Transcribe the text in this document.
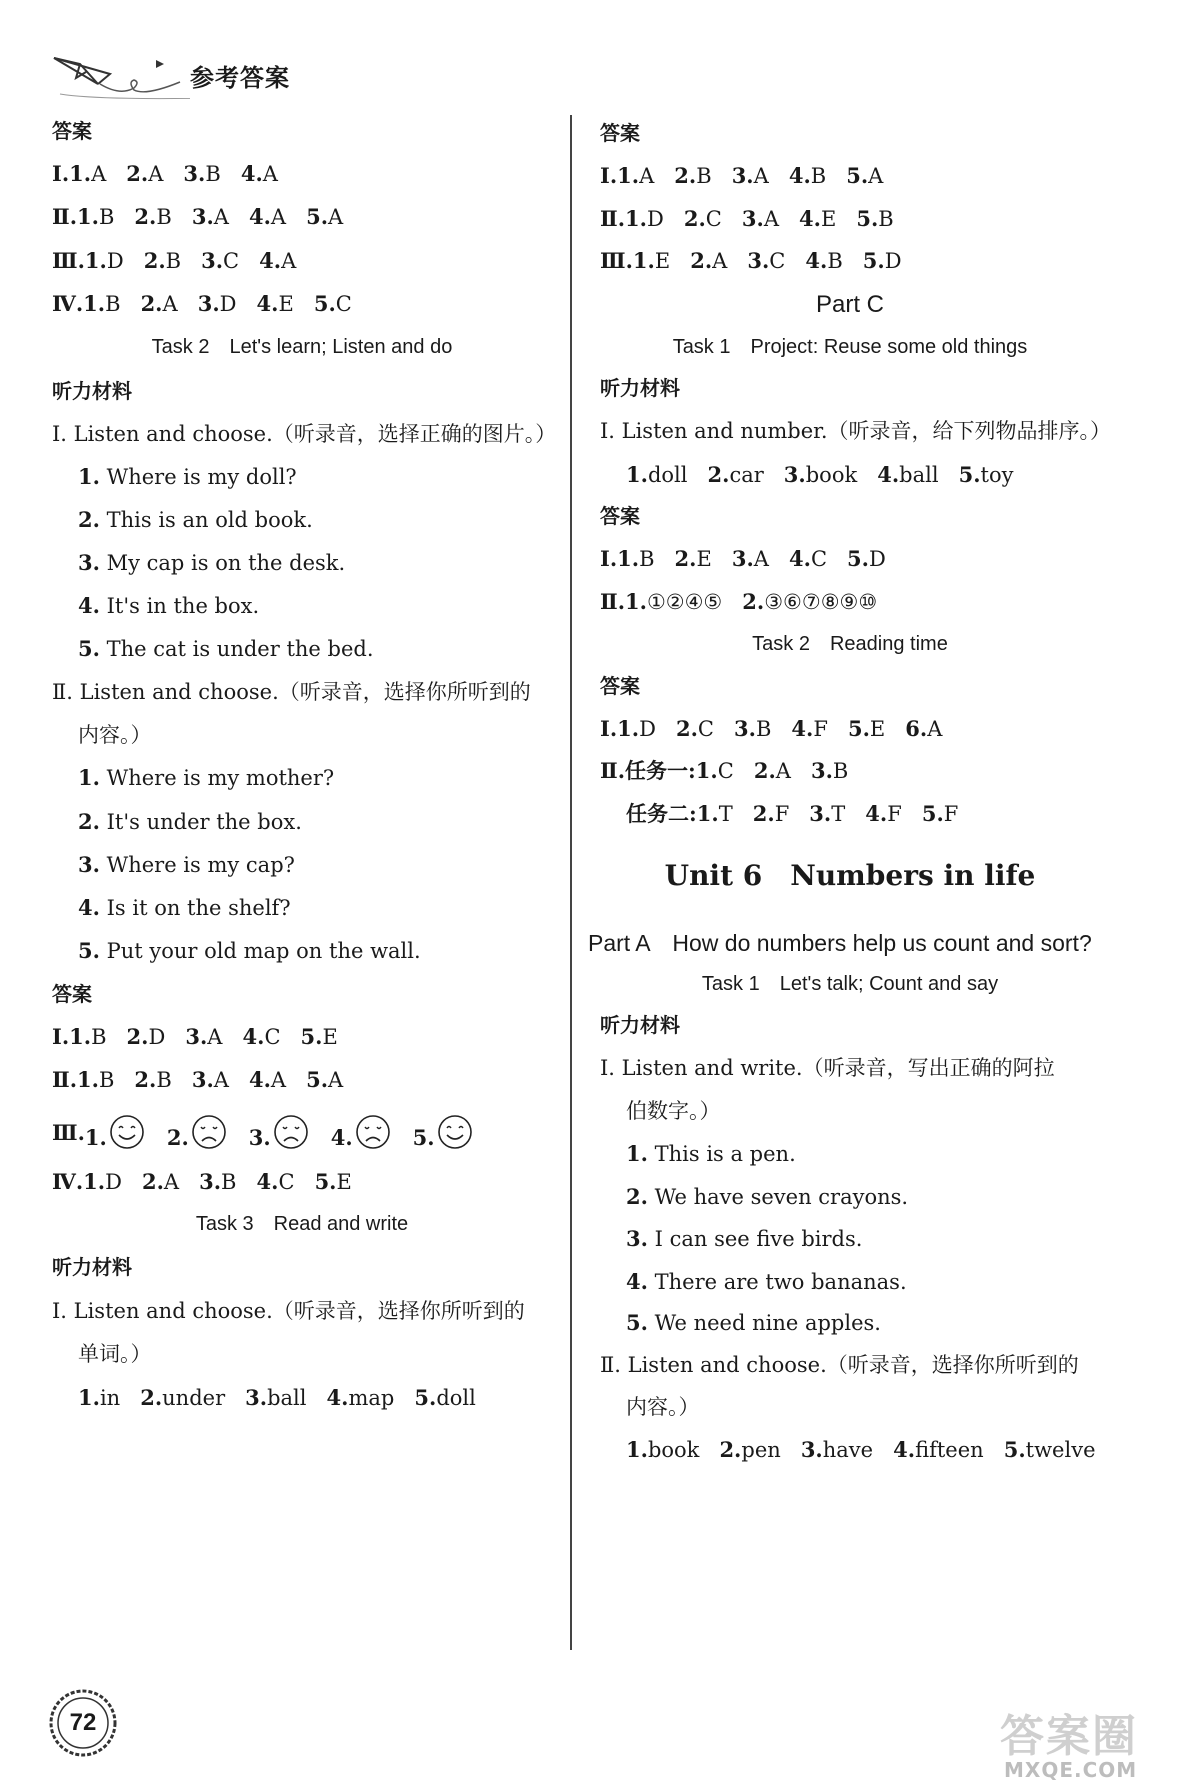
参考答案
答案
Ⅰ.1.A 2.A 3.B 4.A
Ⅱ.1.B 2.B 3.A 4.A 5.A
Ⅲ.1.D 2.B 3.C 4.A
Ⅳ.1.B 2.A 3.D 4.E 5.C
Task 2　Let's learn; Listen and do
听力材料
Ⅰ. Listen and choose.（听录音，选择正确的图片。）
1. Where is my doll?
2. This is an old book.
3. My cap is on the desk.
4. It's in the box.
5. The cat is under the bed.
Ⅱ. Listen and choose.（听录音，选择你所听到的
内容。）
1. Where is my mother?
2. It's under the box.
3. Where is my cap?
4. Is it on the shelf?
5. Put your old map on the wall.
答案
Ⅰ.1.B 2.D 3.A 4.C 5.E
Ⅱ.1.B 2.B 3.A 4.A 5.A
Ⅲ. 1.	2.	3.	4.	5.
Ⅳ.1.D 2.A 3.B 4.C 5.E
Task 3　Read and write
听力材料
Ⅰ. Listen and choose.（听录音，选择你所听到的
单词。）
1.in 2.under 3.ball 4.map 5.doll
答案
Ⅰ.1.A 2.B 3.A 4.B 5.A
Ⅱ.1.D 2.C 3.A 4.E 5.B
Ⅲ.1.E 2.A 3.C 4.B 5.D
Part C
Task 1　Project: Reuse some old things
听力材料
Ⅰ. Listen and number.（听录音，给下列物品排序。）
1.doll 2.car 3.book 4.ball 5.toy
答案
Ⅰ.1.B 2.E 3.A 4.C 5.D
Ⅱ.1.①②④⑤ 2.③⑥⑦⑧⑨⑩
Task 2　Reading time
答案
Ⅰ.1.D 2.C 3.B 4.F 5.E 6.A
Ⅱ.任务一:1.C 2.A 3.B
任务二:1.T 2.F 3.T 4.F 5.F
Unit 6　Numbers in life
Part A　How do numbers help us count and sort?
Task 1　Let's talk; Count and say
听力材料
Ⅰ. Listen and write.（听录音，写出正确的阿拉
伯数字。）
1. This is a pen.
2. We have seven crayons.
3. I can see five birds.
4. There are two bananas.
5. We need nine apples.
Ⅱ. Listen and choose.（听录音，选择你所听到的
内容。）
1.book 2.pen 3.have 4.fifteen 5.twelve
72	答案圈
MXQE.COM
